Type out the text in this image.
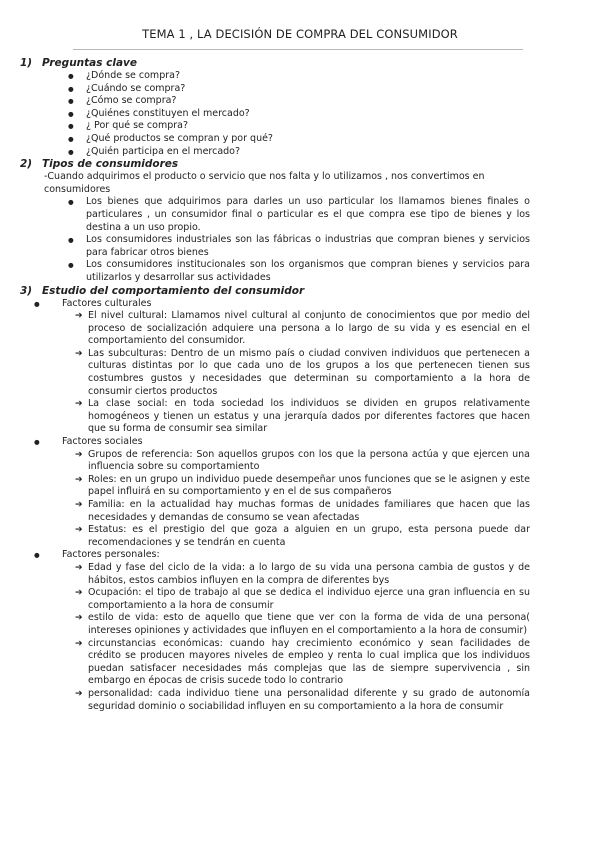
TEMA 1 , LA DECISIÓN DE COMPRA DEL CONSUMIDOR
1) Preguntas clave
● ¿Dónde se compra?
● ¿Cuándo se compra?
● ¿Cómo se compra?
● ¿Quiénes constituyen el mercado?
● ¿ Por qué se compra?
● ¿Qué productos se compran y por qué?
● ¿Quién participa en el mercado?
2) Tipos de consumidores

-Cuando adquirimos el producto o servicio que nos falta y lo utilizamos , nos convertimos en consumidores

● Los bienes que adquirimos para darles un uso particular los llamamos bienes finales o particulares , un consumidor final o particular es el que compra ese tipo de bienes y los destina a un uso propio.
● Los consumidores industriales son las fábricas o industrias que compran bienes y servicios para fabricar otros bienes
● Los consumidores institucionales son los organismos que compran bienes y servicios para utilizarlos y desarrollar sus actividades
3) Estudio del comportamiento del consumidor
● Factores culturales
➔ El nivel cultural: Llamamos nivel cultural al conjunto de conocimientos que por medio del proceso de socialización adquiere una persona a lo largo de su vida y es esencial en el comportamiento del consumidor.
➔ Las subculturas: Dentro de un mismo país o ciudad conviven individuos que pertenecen a culturas distintas por lo que cada uno de los grupos a los que pertenecen tienen sus costumbres gustos y necesidades que determinan su comportamiento a la hora de consumir ciertos productos
➔ La clase social: en toda sociedad los individuos se dividen en grupos relativamente homogéneos y tienen un estatus y una jerarquía dados por diferentes factores que hacen que su forma de consumir sea similar
● Factores sociales
➔ Grupos de referencia: Son aquellos grupos con los que la persona actúa y que ejercen una influencia sobre su comportamiento
➔ Roles: en un grupo un individuo puede desempeñar unos funciones que se le asignen y este papel influirá en su comportamiento y en el de sus compañeros
➔ Familia: en la actualidad hay muchas formas de unidades familiares que hacen que las necesidades y demandas de consumo se vean afectadas
➔ Estatus: es el prestigio del que goza a alguien en un grupo, esta persona puede dar recomendaciones y se tendrán en cuenta
● Factores personales:
➔ Edad y fase del ciclo de la vida: a lo largo de su vida una persona cambia de gustos y de hábitos, estos cambios influyen en la compra de diferentes bys
➔ Ocupación: el tipo de trabajo al que se dedica el individuo ejerce una gran influencia en su comportamiento a la hora de consumir
➔ estilo de vida: esto de aquello que tiene que ver con la forma de vida de una persona( intereses opiniones y actividades que influyen en el comportamiento a la hora de consumir)
➔ circunstancias económicas: cuando hay crecimiento económico y sean facilidades de crédito se producen mayores niveles de empleo y renta lo cual implica que los individuos puedan satisfacer necesidades más complejas que las de siempre supervivencia , sin embargo en épocas de crisis sucede todo lo contrario
➔ personalidad: cada individuo tiene una personalidad diferente y su grado de autonomía seguridad dominio o sociabilidad influyen en su comportamiento a la hora de consumir
